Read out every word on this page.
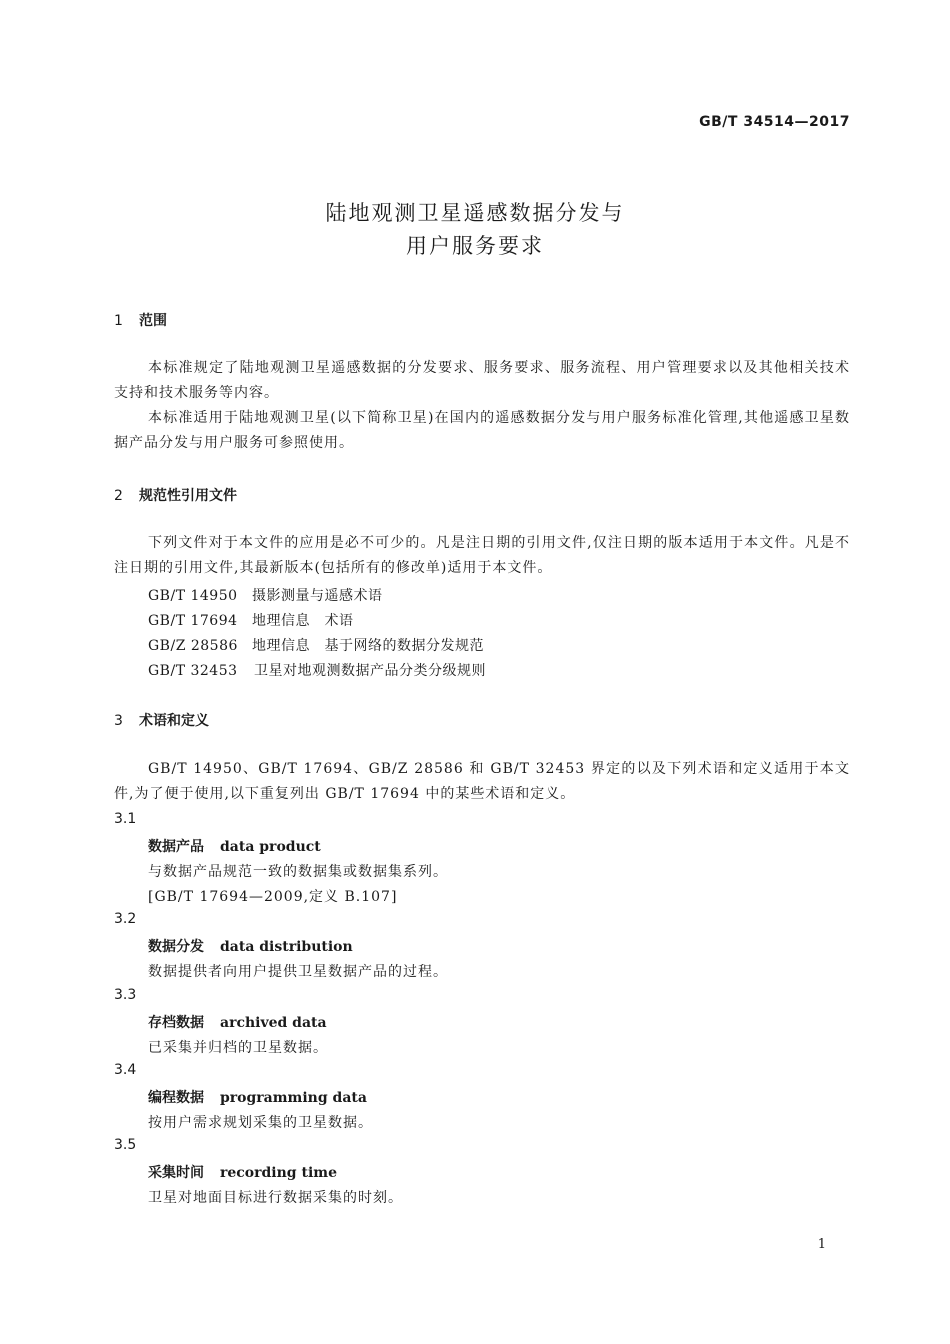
GB/T 34514—2017
陆地观测卫星遥感数据分发与
用户服务要求
1 范围
本标准规定了陆地观测卫星遥感数据的分发要求、服务要求、服务流程、用户管理要求以及其他相关技术支持和技术服务等内容。
本标准适用于陆地观测卫星(以下简称卫星)在国内的遥感数据分发与用户服务标准化管理,其他遥感卫星数据产品分发与用户服务可参照使用。
2 规范性引用文件
下列文件对于本文件的应用是必不可少的。凡是注日期的引用文件,仅注日期的版本适用于本文件。凡是不注日期的引用文件,其最新版本(包括所有的修改单)适用于本文件。
GB/T 14950 摄影测量与遥感术语
GB/T 17694 地理信息　术语
GB/Z 28586 地理信息　基于网络的数据分发规范
GB/T 32453 卫星对地观测数据产品分类分级规则
3 术语和定义
GB/T 14950、GB/T 17694、GB/Z 28586 和 GB/T 32453 界定的以及下列术语和定义适用于本文件,为了便于使用,以下重复列出 GB/T 17694 中的某些术语和定义。
3.1
数据产品 data product
与数据产品规范一致的数据集或数据集系列。
[GB/T 17694—2009,定义 B.107]
3.2
数据分发 data distribution
数据提供者向用户提供卫星数据产品的过程。
3.3
存档数据 archived data
已采集并归档的卫星数据。
3.4
编程数据 programming data
按用户需求规划采集的卫星数据。
3.5
采集时间 recording time
卫星对地面目标进行数据采集的时刻。
1
